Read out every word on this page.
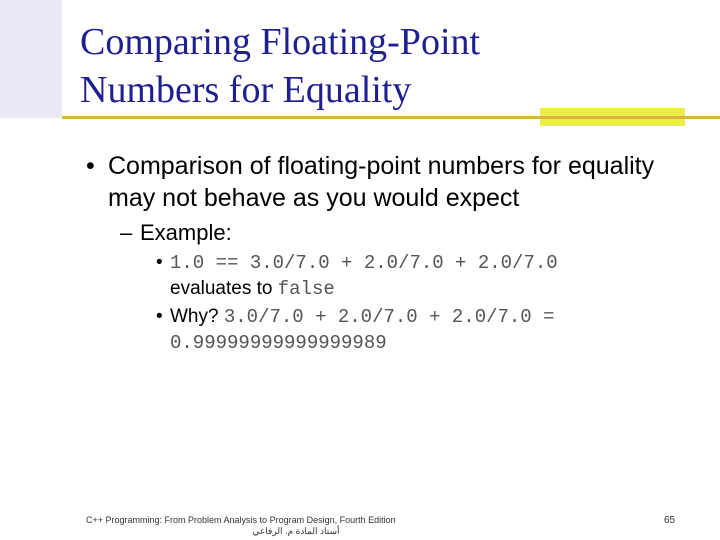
Comparing Floating-Point
Numbers for Equality

• Comparison of floating-point numbers for equality may not behave as you would expect

– Example:

• 1.0 == 3.0/7.0 + 2.0/7.0 + 2.0/7.0
evaluates to false

• Why? 3.0/7.0 + 2.0/7.0 + 2.0/7.0 =
0.99999999999999989

C++ Programming: From Problem Analysis to Program Design, Fourth Edition
أستاذ المادة م. الرفاعي
65
